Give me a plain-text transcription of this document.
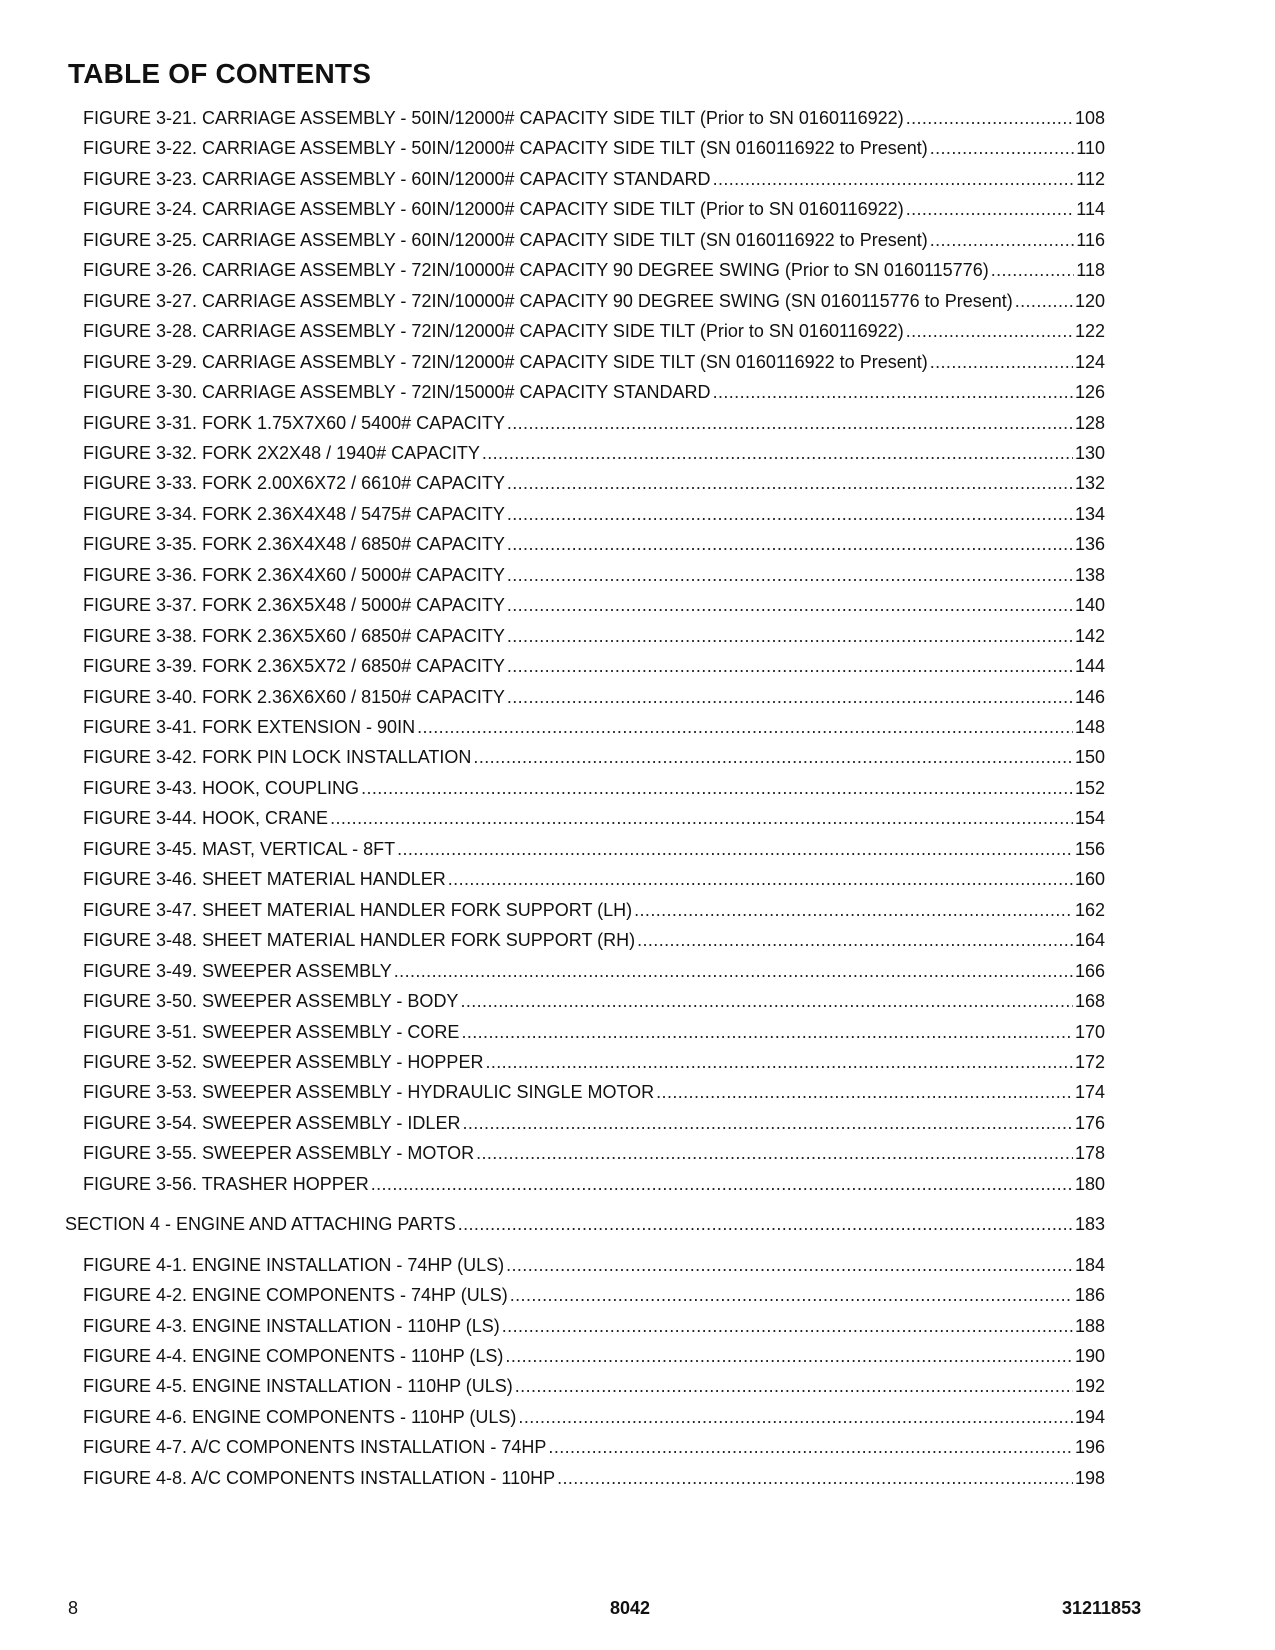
TABLE OF CONTENTS
FIGURE 3-21. CARRIAGE ASSEMBLY - 50IN/12000# CAPACITY SIDE TILT (Prior to SN 0160116922) .....	108
FIGURE 3-22. CARRIAGE ASSEMBLY - 50IN/12000# CAPACITY SIDE TILT (SN 0160116922 to Present) .....	110
FIGURE 3-23. CARRIAGE ASSEMBLY - 60IN/12000# CAPACITY STANDARD .....	112
FIGURE 3-24. CARRIAGE ASSEMBLY - 60IN/12000# CAPACITY SIDE TILT (Prior to SN 0160116922) .....	114
FIGURE 3-25. CARRIAGE ASSEMBLY - 60IN/12000# CAPACITY SIDE TILT (SN 0160116922 to Present) .....	116
FIGURE 3-26. CARRIAGE ASSEMBLY - 72IN/10000# CAPACITY 90 DEGREE SWING (Prior to SN 0160115776) .....	118
FIGURE 3-27. CARRIAGE ASSEMBLY - 72IN/10000# CAPACITY 90 DEGREE SWING (SN 0160115776 to Present) .....	120
FIGURE 3-28. CARRIAGE ASSEMBLY - 72IN/12000# CAPACITY SIDE TILT (Prior to SN 0160116922) .....	122
FIGURE 3-29. CARRIAGE ASSEMBLY - 72IN/12000# CAPACITY SIDE TILT (SN 0160116922 to Present) .....	124
FIGURE 3-30. CARRIAGE ASSEMBLY - 72IN/15000# CAPACITY STANDARD .....	126
FIGURE 3-31. FORK 1.75X7X60 / 5400# CAPACITY .....	128
FIGURE 3-32. FORK 2X2X48 / 1940# CAPACITY .....	130
FIGURE 3-33. FORK 2.00X6X72 / 6610# CAPACITY .....	132
FIGURE 3-34. FORK 2.36X4X48 / 5475# CAPACITY .....	134
FIGURE 3-35. FORK 2.36X4X48 / 6850# CAPACITY .....	136
FIGURE 3-36. FORK 2.36X4X60 / 5000# CAPACITY .....	138
FIGURE 3-37. FORK 2.36X5X48 / 5000# CAPACITY .....	140
FIGURE 3-38. FORK 2.36X5X60 / 6850# CAPACITY .....	142
FIGURE 3-39. FORK 2.36X5X72 / 6850# CAPACITY .....	144
FIGURE 3-40. FORK 2.36X6X60 / 8150# CAPACITY .....	146
FIGURE 3-41. FORK EXTENSION - 90IN .....	148
FIGURE 3-42. FORK PIN LOCK INSTALLATION .....	150
FIGURE 3-43. HOOK, COUPLING .....	152
FIGURE 3-44. HOOK, CRANE .....	154
FIGURE 3-45. MAST, VERTICAL - 8FT .....	156
FIGURE 3-46. SHEET MATERIAL HANDLER .....	160
FIGURE 3-47. SHEET MATERIAL HANDLER FORK SUPPORT (LH) .....	162
FIGURE 3-48. SHEET MATERIAL HANDLER FORK SUPPORT (RH) .....	164
FIGURE 3-49. SWEEPER ASSEMBLY .....	166
FIGURE 3-50. SWEEPER ASSEMBLY - BODY .....	168
FIGURE 3-51. SWEEPER ASSEMBLY - CORE .....	170
FIGURE 3-52. SWEEPER ASSEMBLY - HOPPER .....	172
FIGURE 3-53. SWEEPER ASSEMBLY - HYDRAULIC SINGLE MOTOR .....	174
FIGURE 3-54. SWEEPER ASSEMBLY - IDLER .....	176
FIGURE 3-55. SWEEPER ASSEMBLY - MOTOR .....	178
FIGURE 3-56. TRASHER HOPPER .....	180
SECTION 4 - ENGINE AND ATTACHING PARTS .....	183
FIGURE 4-1. ENGINE INSTALLATION - 74HP (ULS) .....	184
FIGURE 4-2. ENGINE COMPONENTS - 74HP (ULS) .....	186
FIGURE 4-3. ENGINE INSTALLATION - 110HP (LS) .....	188
FIGURE 4-4. ENGINE COMPONENTS - 110HP (LS) .....	190
FIGURE 4-5. ENGINE INSTALLATION - 110HP (ULS) .....	192
FIGURE 4-6. ENGINE COMPONENTS - 110HP (ULS) .....	194
FIGURE 4-7. A/C COMPONENTS INSTALLATION - 74HP .....	196
FIGURE 4-8. A/C COMPONENTS INSTALLATION - 110HP .....	198
8	8042	31211853
